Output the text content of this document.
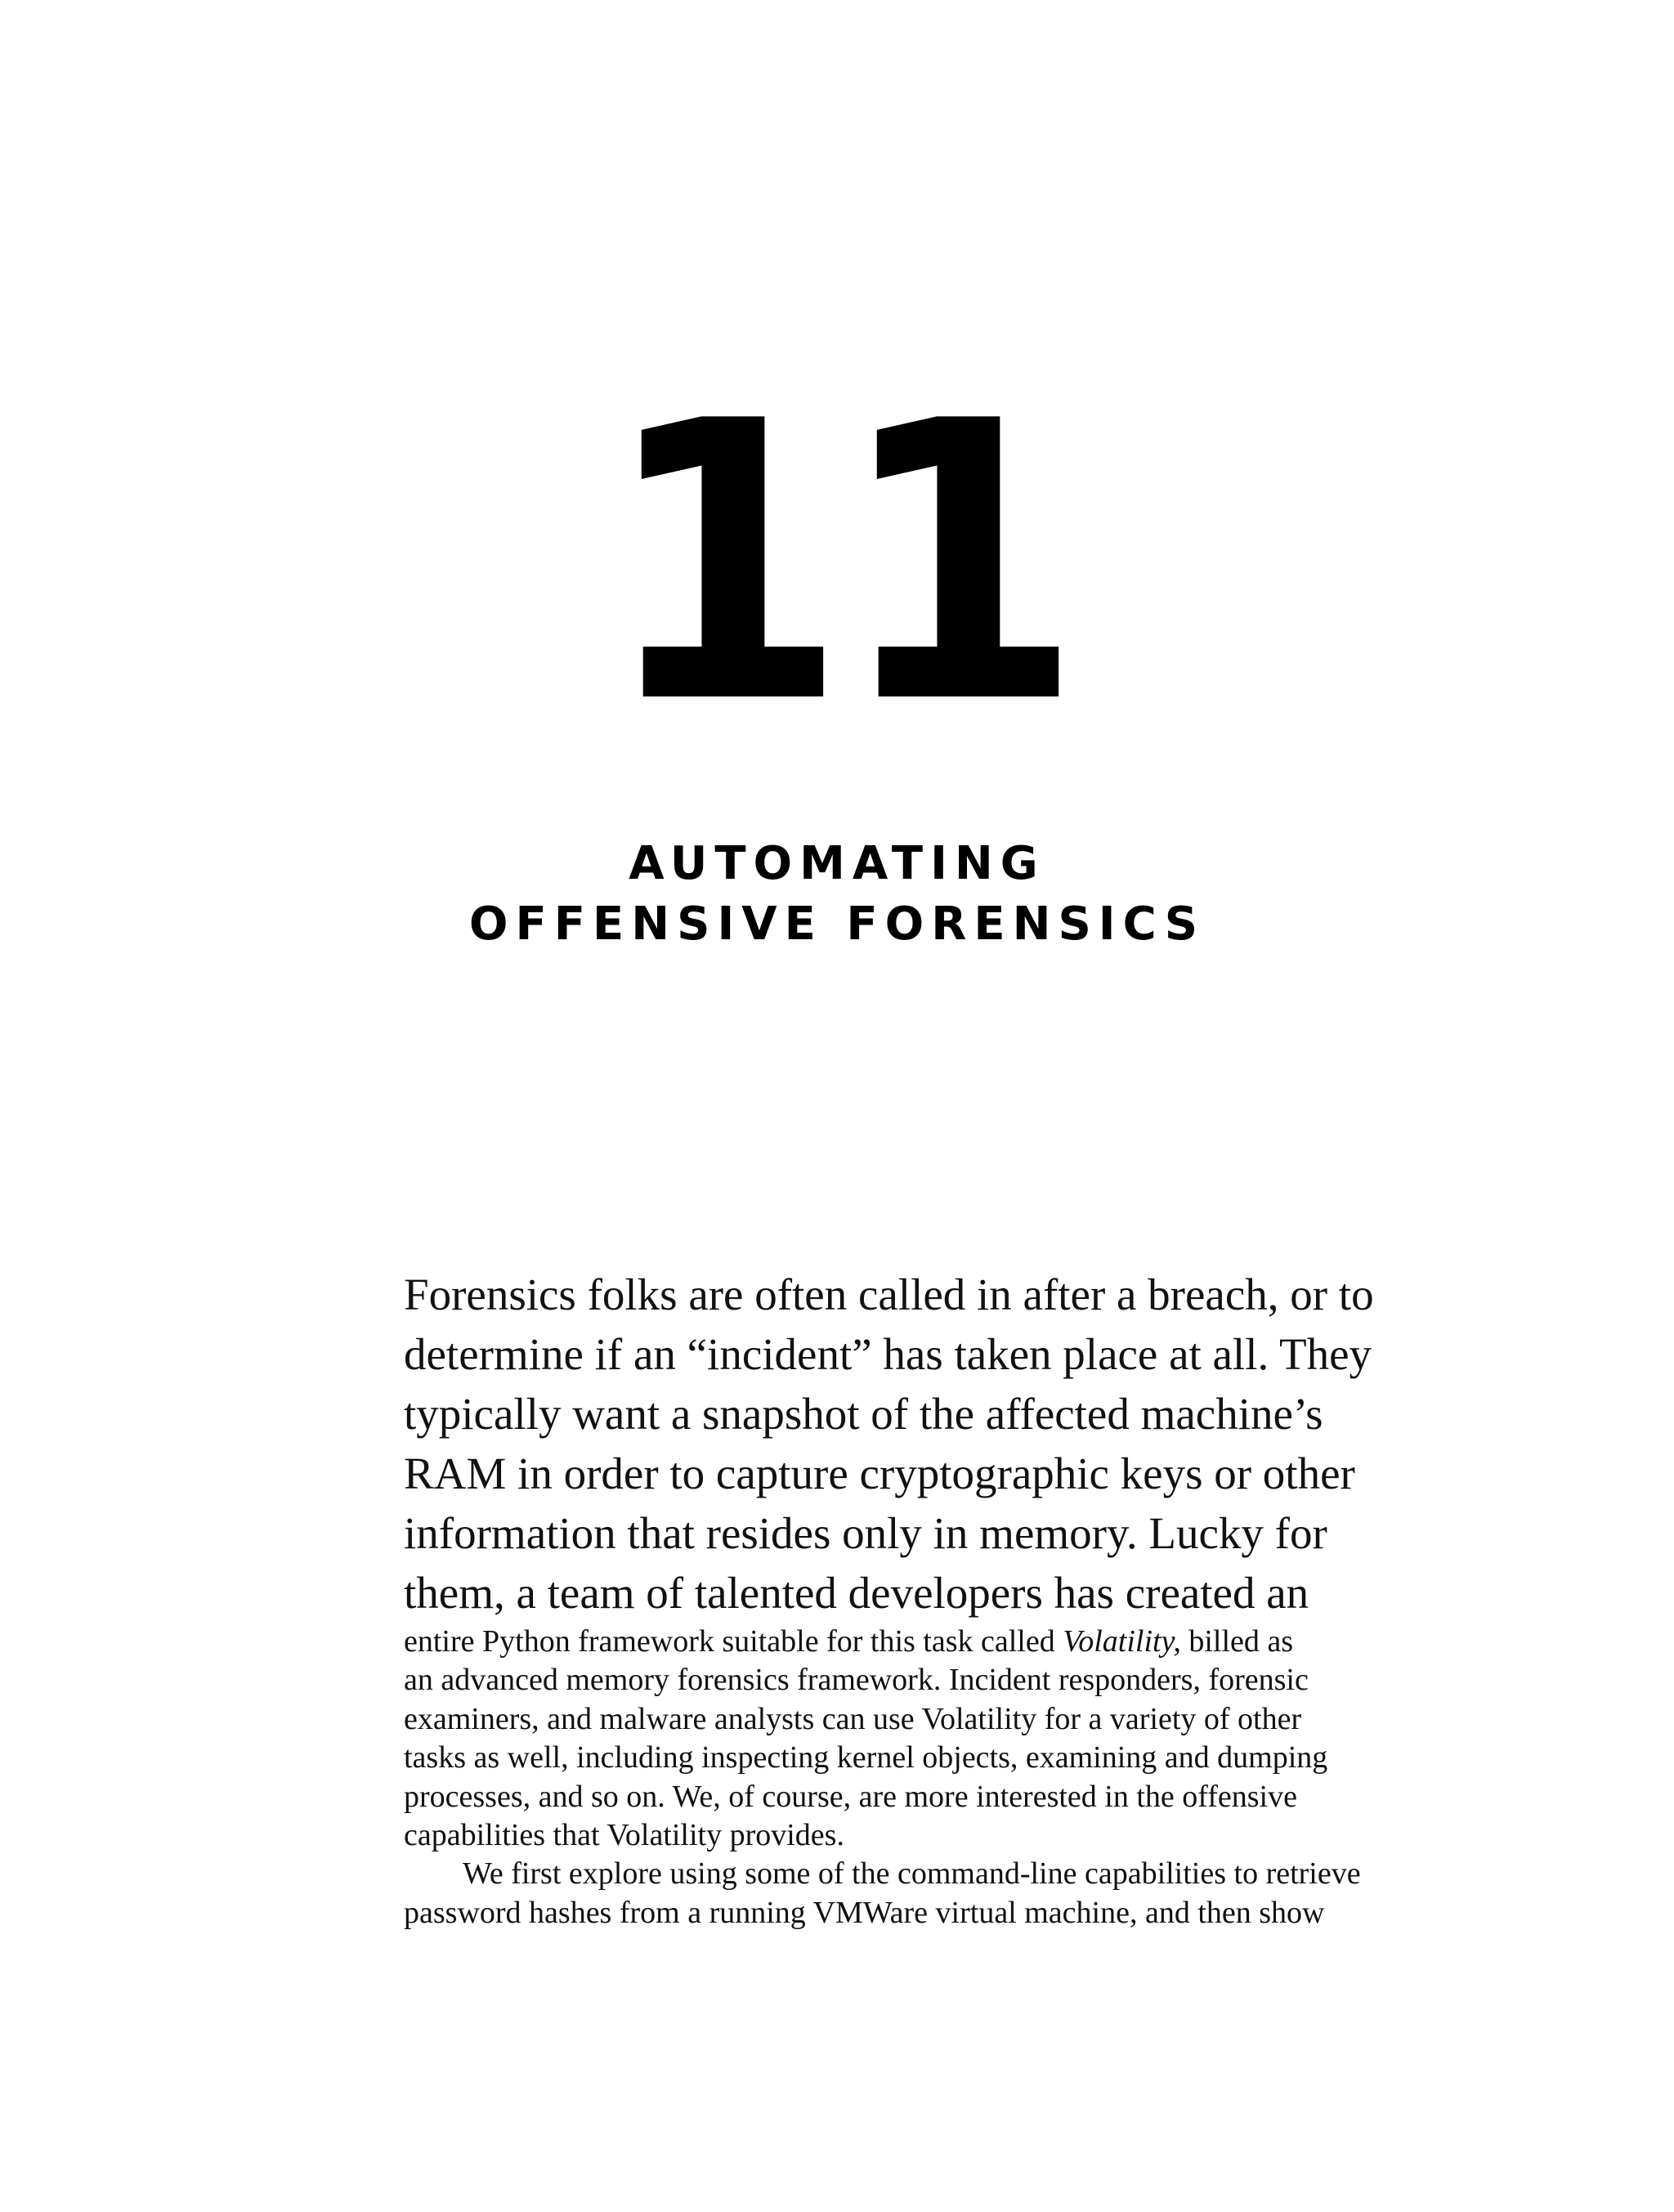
11
AUTOMATING
OFFENSIVE FORENSICS

Forensics folks are often called in after a breach, or to
determine if an “incident” has taken place at all. They
typically want a snapshot of the affected machine’s
RAM in order to capture cryptographic keys or other
information that resides only in memory. Lucky for
them, a team of talented developers has created an

entire Python framework suitable for this task called Volatility, billed as
an advanced memory forensics framework. Incident responders, forensic
examiners, and malware analysts can use Volatility for a variety of other
tasks as well, including inspecting kernel objects, examining and dumping
processes, and so on. We, of course, are more interested in the offensive
capabilities that Volatility provides.

We first explore using some of the command-line capabilities to retrieve
password hashes from a running VMWare virtual machine, and then show
